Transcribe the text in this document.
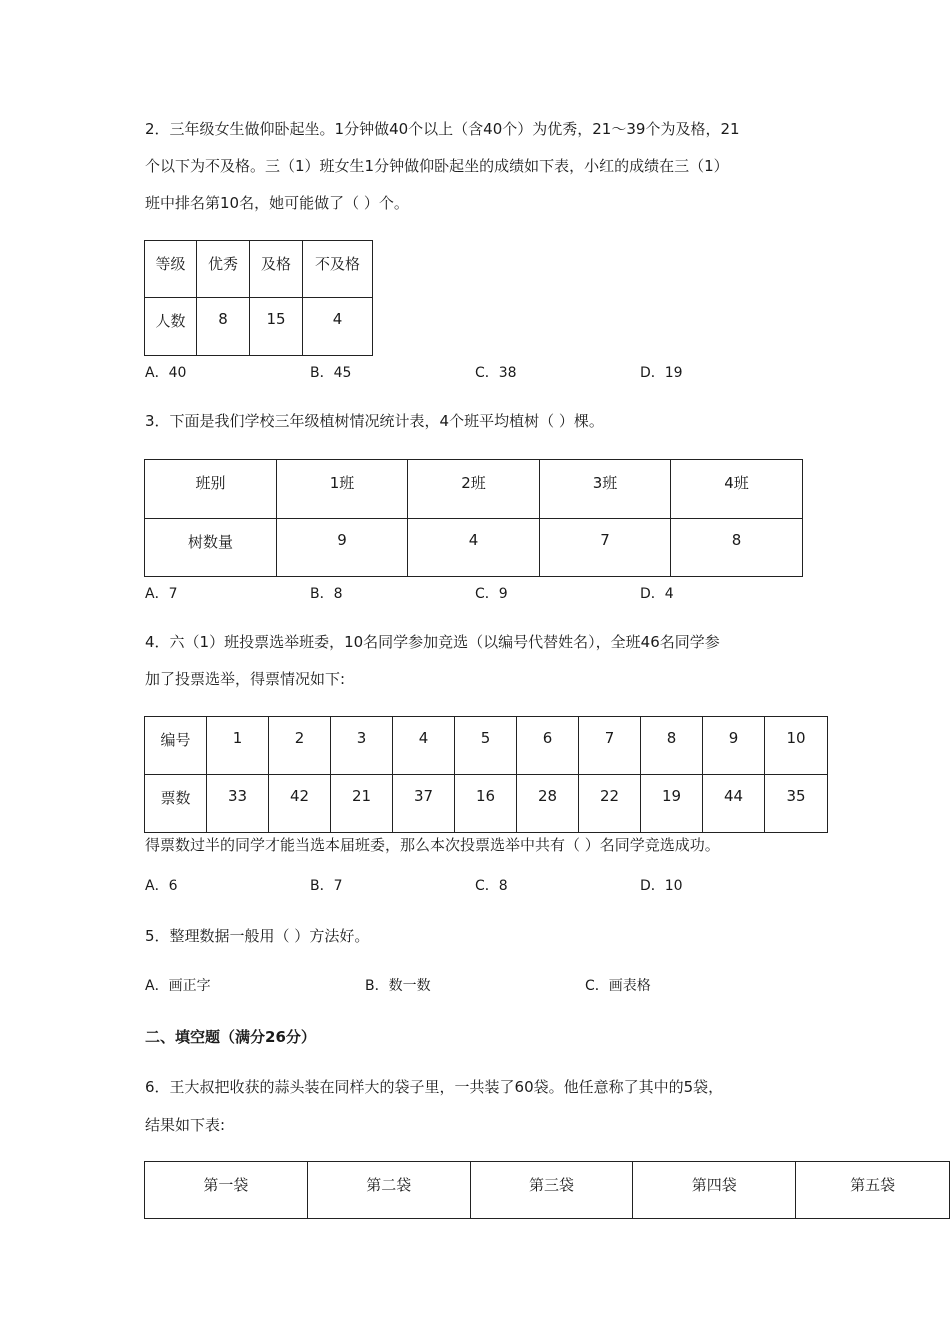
2．三年级女生做仰卧起坐。1分钟做40个以上（含40个）为优秀，21～39个为及格，21
个以下为不及格。三（1）班女生1分钟做仰卧起坐的成绩如下表，小红的成绩在三（1）
班中排名第10名，她可能做了（ ）个。
等级	优秀	及格	不及格
人数	8	15	4
A．40	B．45	C．38	D．19
3．下面是我们学校三年级植树情况统计表，4个班平均植树（ ）棵。
班别	1班	2班	3班	4班
树数量	9	4	7	8
A．7	B．8	C．9	D．4
4．六（1）班投票选举班委，10名同学参加竞选（以编号代替姓名），全班46名同学参
加了投票选举，得票情况如下:
编号	1	2	3	4	5	6	7	8	9	10
票数	33	42	21	37	16	28	22	19	44	35
得票数过半的同学才能当选本届班委，那么本次投票选举中共有（ ）名同学竞选成功。
A．6	B．7	C．8	D．10
5．整理数据一般用（ ）方法好。
A．画正字	B．数一数	C．画表格
二、填空题（满分26分）
6．王大叔把收获的蒜头装在同样大的袋子里，一共装了60袋。他任意称了其中的5袋，
结果如下表:
第一袋	第二袋	第三袋	第四袋	第五袋
